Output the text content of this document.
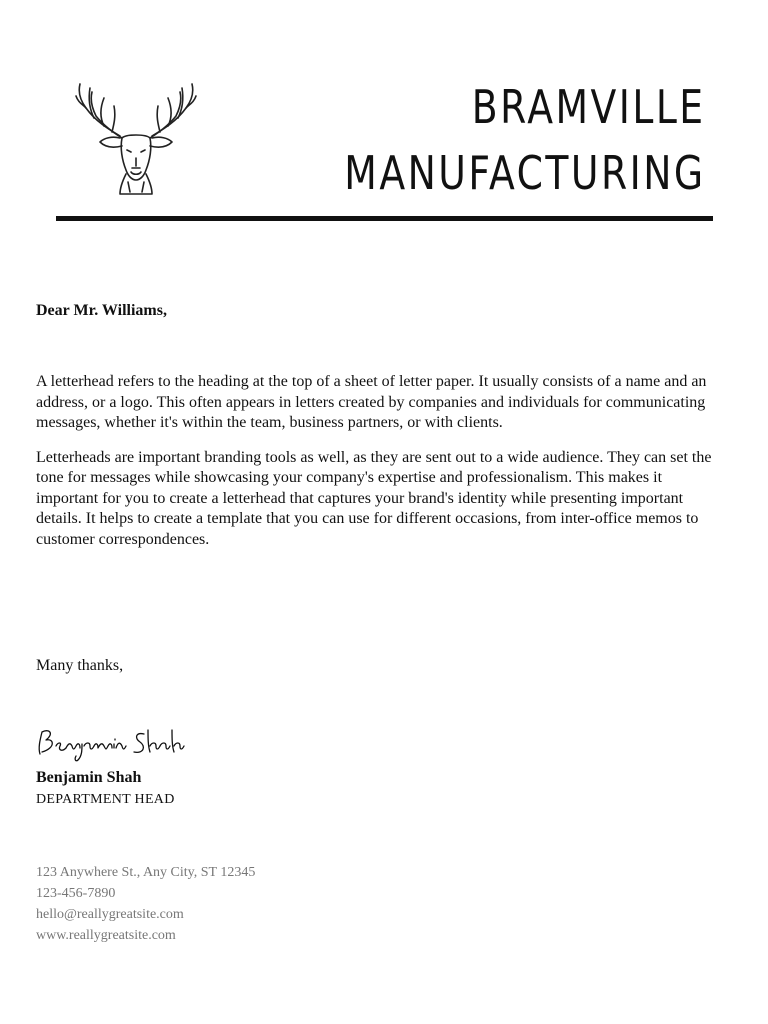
BRAMVILLE
MANUFACTURING
Dear Mr. Williams,

A letterhead refers to the heading at the top of a sheet of letter paper. It usually consists of a name and an address, or a logo. This often appears in letters created by companies and individuals for communicating messages, whether it's within the team, business partners, or with clients.

Letterheads are important branding tools as well, as they are sent out to a wide audience. They can set the tone for messages while showcasing your company's expertise and professionalism. This makes it important for you to create a letterhead that captures your brand's identity while presenting important details. It helps to create a template that you can use for different occasions, from inter-office memos to customer correspondences.

Many thanks,
Benjamin Shah
DEPARTMENT HEAD
123 Anywhere St., Any City, ST 12345
123-456-7890
hello@reallygreatsite.com
www.reallygreatsite.com
